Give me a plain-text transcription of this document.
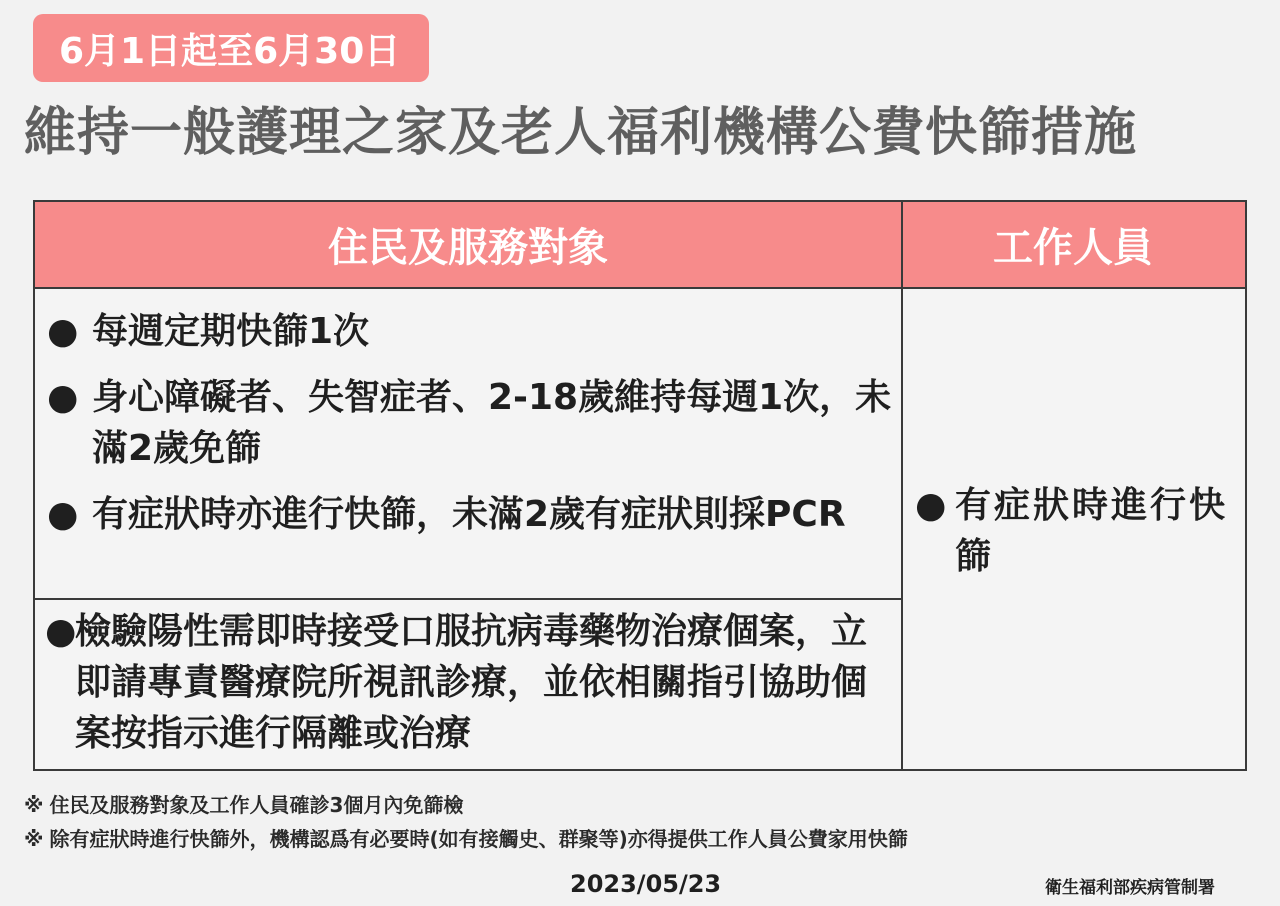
6月1日起至6月30日
維持一般護理之家及老人福利機構公費快篩措施
住民及服務對象	工作人員
● 每週定期快篩1次
● 身心障礙者、失智症者、2-18歲維持每週1次，未滿2歲免篩
● 有症狀時亦進行快篩，未滿2歲有症狀則採PCR
●
檢驗陽性需即時接受口服抗病毒藥物治療個案，立即請專責醫療院所視訊診療，並依相關指引協助個案按指示進行隔離或治療
● 有症狀時進行快篩
※ 住民及服務對象及工作人員確診3個月內免篩檢
※ 除有症狀時進行快篩外，機構認爲有必要時(如有接觸史、群聚等)亦得提供工作人員公費家用快篩
2023/05/23	衛生福利部疾病管制署
